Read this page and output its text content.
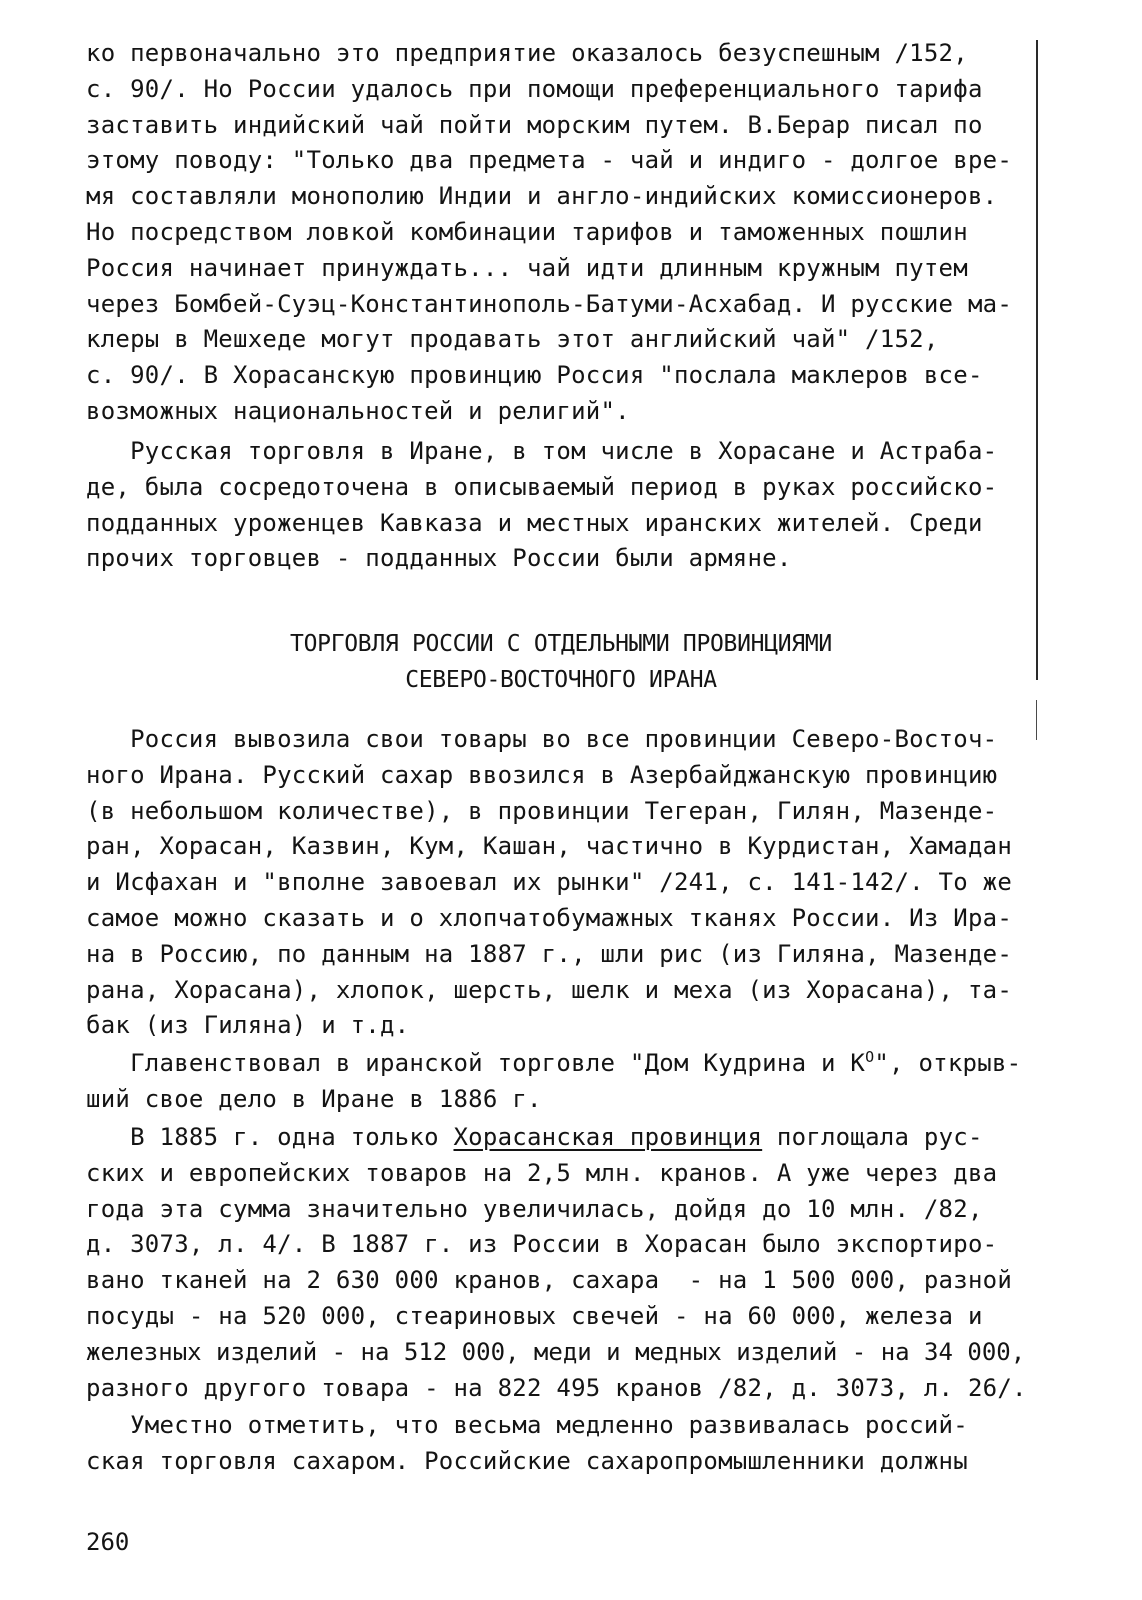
ко первоначально это предприятие оказалось безуспешным /152,
с. 90/. Но России удалось при помощи преференциального тарифа
заставить индийский чай пойти морским путем. В.Берар писал по
этому поводу: "Только два предмета - чай и индиго - долгое вре-
мя составляли монополию Индии и англо-индийских комиссионеров.
Но посредством ловкой комбинации тарифов и таможенных пошлин
Россия начинает принуждать... чай идти длинным кружным путем
через Бомбей-Суэц-Константинополь-Батуми-Асхабад. И русские ма-
клеры в Мешхеде могут продавать этот английский чай" /152,
с. 90/. В Хорасанскую провинцию Россия "послала маклеров все-
возможных национальностей и религий".
Русская торговля в Иране, в том числе в Хорасане и Астраба-
де, была сосредоточена в описываемый период в руках российско-
подданных уроженцев Кавказа и местных иранских жителей. Среди
прочих торговцев - подданных России были армяне.
ТОРГОВЛЯ РОССИИ С ОТДЕЛЬНЫМИ ПРОВИНЦИЯМИ
СЕВЕРО-ВОСТОЧНОГО ИРАНА
Россия вывозила свои товары во все провинции Северо-Восточ-
ного Ирана. Русский сахар ввозился в Азербайджанскую провинцию
(в небольшом количестве), в провинции Тегеран, Гилян, Мазенде-
ран, Хорасан, Казвин, Кум, Кашан, частично в Курдистан, Хамадан
и Исфахан и "вполне завоевал их рынки" /241, с. 141-142/. То же
самое можно сказать и о хлопчатобумажных тканях России. Из Ира-
на в Россию, по данным на 1887 г., шли рис (из Гиляна, Мазенде-
рана, Хорасана), хлопок, шерсть, шелк и меха (из Хорасана), та-
бак (из Гиляна) и т.д.
Главенствовал в иранской торговле "Дом Кудрина и $К^О$", открыв-
ший свое дело в Иране в 1886 г.
В 1885 г. одна только Хорасанская провинция поглощала рус-
ских и европейских товаров на 2,5 млн. кранов. А уже через два
года эта сумма значительно увеличилась, дойдя до 10 млн. /82,
д. 3073, л. 4/. В 1887 г. из России в Хорасан было экспортиро-
вано тканей на 2 630 000 кранов, сахара  - на 1 500 000, разной
посуды - на 520 000, стеариновых свечей - на 60 000, железа и
железных изделий - на 512 000, меди и медных изделий - на 34 000,
разного другого товара - на 822 495 кранов /82, д. 3073, л. 26/.
Уместно отметить, что весьма медленно развивалась россий-
ская торговля сахаром. Российские сахаропромышленники должны
260
